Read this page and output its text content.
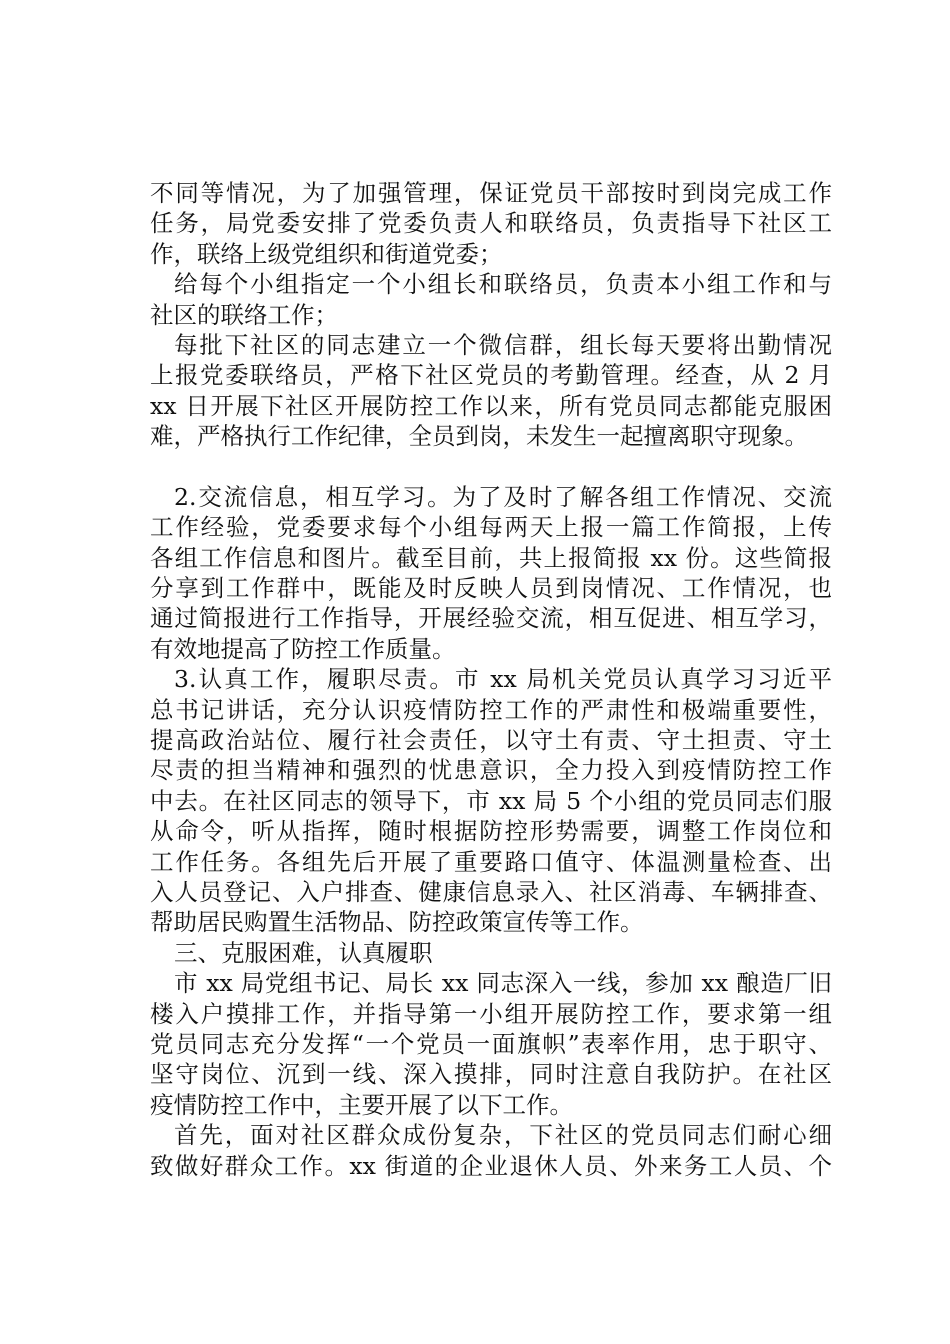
不同等情况，为了加强管理，保证党员干部按时到岗完成工作
任务，局党委安排了党委负责人和联络员，负责指导下社区工
作，联络上级党组织和街道党委；
给每个小组指定一个小组长和联络员，负责本小组工作和与
社区的联络工作；
每批下社区的同志建立一个微信群，组长每天要将出勤情况
上报党委联络员，严格下社区党员的考勤管理。经查，从 2 月
xx 日开展下社区开展防控工作以来，所有党员同志都能克服困
难，严格执行工作纪律，全员到岗，未发生一起擅离职守现象。
2.交流信息，相互学习。为了及时了解各组工作情况、交流
工作经验，党委要求每个小组每两天上报一篇工作简报，上传
各组工作信息和图片。截至目前，共上报简报 xx 份。这些简报
分享到工作群中，既能及时反映人员到岗情况、工作情况，也
通过简报进行工作指导，开展经验交流，相互促进、相互学习，
有效地提高了防控工作质量。
3.认真工作，履职尽责。市 xx 局机关党员认真学习习近平
总书记讲话，充分认识疫情防控工作的严肃性和极端重要性，
提高政治站位、履行社会责任，以守土有责、守土担责、守土
尽责的担当精神和强烈的忧患意识，全力投入到疫情防控工作
中去。在社区同志的领导下，市 xx 局 5 个小组的党员同志们服
从命令，听从指挥，随时根据防控形势需要，调整工作岗位和
工作任务。各组先后开展了重要路口值守、体温测量检查、出
入人员登记、入户排查、健康信息录入、社区消毒、车辆排查、
帮助居民购置生活物品、防控政策宣传等工作。
三、克服困难，认真履职
市 xx 局党组书记、局长 xx 同志深入一线，参加 xx 酿造厂旧
楼入户摸排工作，并指导第一小组开展防控工作，要求第一组
党员同志充分发挥“一个党员一面旗帜”表率作用，忠于职守、
坚守岗位、沉到一线、深入摸排，同时注意自我防护。在社区
疫情防控工作中，主要开展了以下工作。
首先，面对社区群众成份复杂，下社区的党员同志们耐心细
致做好群众工作。xx 街道的企业退休人员、外来务工人员、个
